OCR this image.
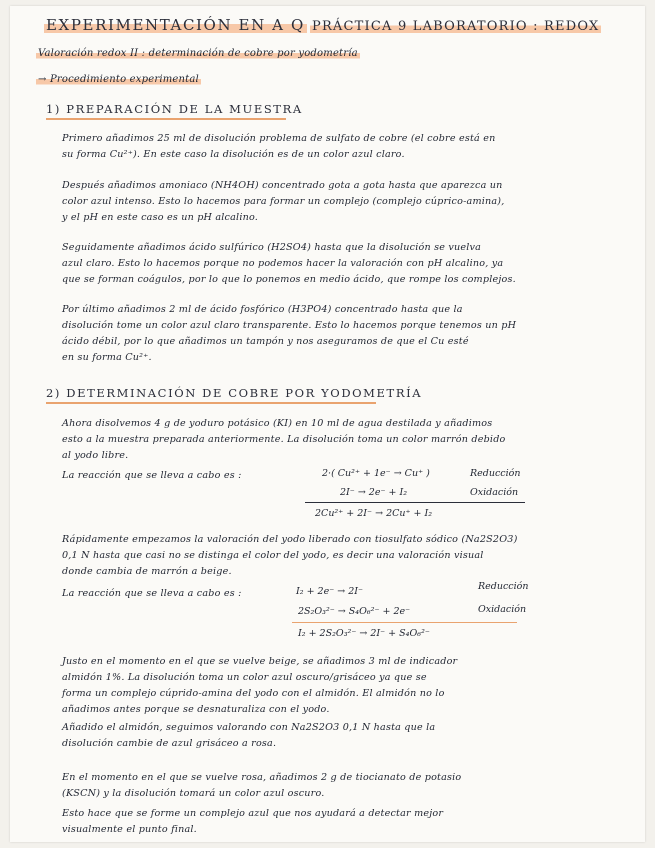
EXPERIMENTACIÓN EN A Q PRÁCTICA 9 LABORATORIO : REDOX
Valoración redox II : determinación de cobre por yodometría
→ Procedimiento experimental
1) PREPARACIÓN DE LA MUESTRA
Primero añadimos 25 ml de disolución problema de sulfato de cobre (el cobre está en
su forma Cu²⁺). En este caso la disolución es de un color azul claro.
Después añadimos amoniaco (NH4OH) concentrado gota a gota hasta que aparezca un
color azul intenso. Esto lo hacemos para formar un complejo (complejo cúprico-amina),
y el pH en este caso es un pH alcalino.
Seguidamente añadimos ácido sulfúrico (H2SO4) hasta que la disolución se vuelva
azul claro. Esto lo hacemos porque no podemos hacer la valoración con pH alcalino, ya
que se forman coágulos, por lo que lo ponemos en medio ácido, que rompe los complejos.
Por último añadimos 2 ml de ácido fosfórico (H3PO4) concentrado hasta que la
disolución tome un color azul claro transparente. Esto lo hacemos porque tenemos un pH
ácido débil, por lo que añadimos un tampón y nos aseguramos de que el Cu esté
en su forma Cu²⁺.
2) DETERMINACIÓN DE COBRE POR YODOMETRÍA
Ahora disolvemos 4 g de yoduro potásico (KI) en 10 ml de agua destilada y añadimos
esto a la muestra preparada anteriormente. La disolución toma un color marrón debido
al yodo libre.
La reacción que se lleva a cabo es :	2·( Cu²⁺ + 1e⁻ → Cu⁺ )	Reducción
2I⁻ → 2e⁻ + I₂	Oxidación
2Cu²⁺ + 2I⁻ → 2Cu⁺ + I₂
Rápidamente empezamos la valoración del yodo liberado con tiosulfato sódico (Na2S2O3)
0,1 N hasta que casi no se distinga el color del yodo, es decir una valoración visual
donde cambia de marrón a beige.
La reacción que se lleva a cabo es :	I₂ + 2e⁻ → 2I⁻	Reducción
2S₂O₃²⁻ → S₄O₆²⁻ + 2e⁻	Oxidación
I₂ + 2S₂O₃²⁻ → 2I⁻ + S₄O₆²⁻
Justo en el momento en el que se vuelve beige, se añadimos 3 ml de indicador
almidón 1%. La disolución toma un color azul oscuro/grisáceo ya que se
forma un complejo cúprido-amina del yodo con el almidón. El almidón no lo
añadimos antes porque se desnaturaliza con el yodo.
Añadido el almidón, seguimos valorando con Na2S2O3 0,1 N hasta que la
disolución cambie de azul grisáceo a rosa.
En el momento en el que se vuelve rosa, añadimos 2 g de tiocianato de potasio
(KSCN) y la disolución tomará un color azul oscuro.
Esto hace que se forme un complejo azul que nos ayudará a detectar mejor
visualmente el punto final.
